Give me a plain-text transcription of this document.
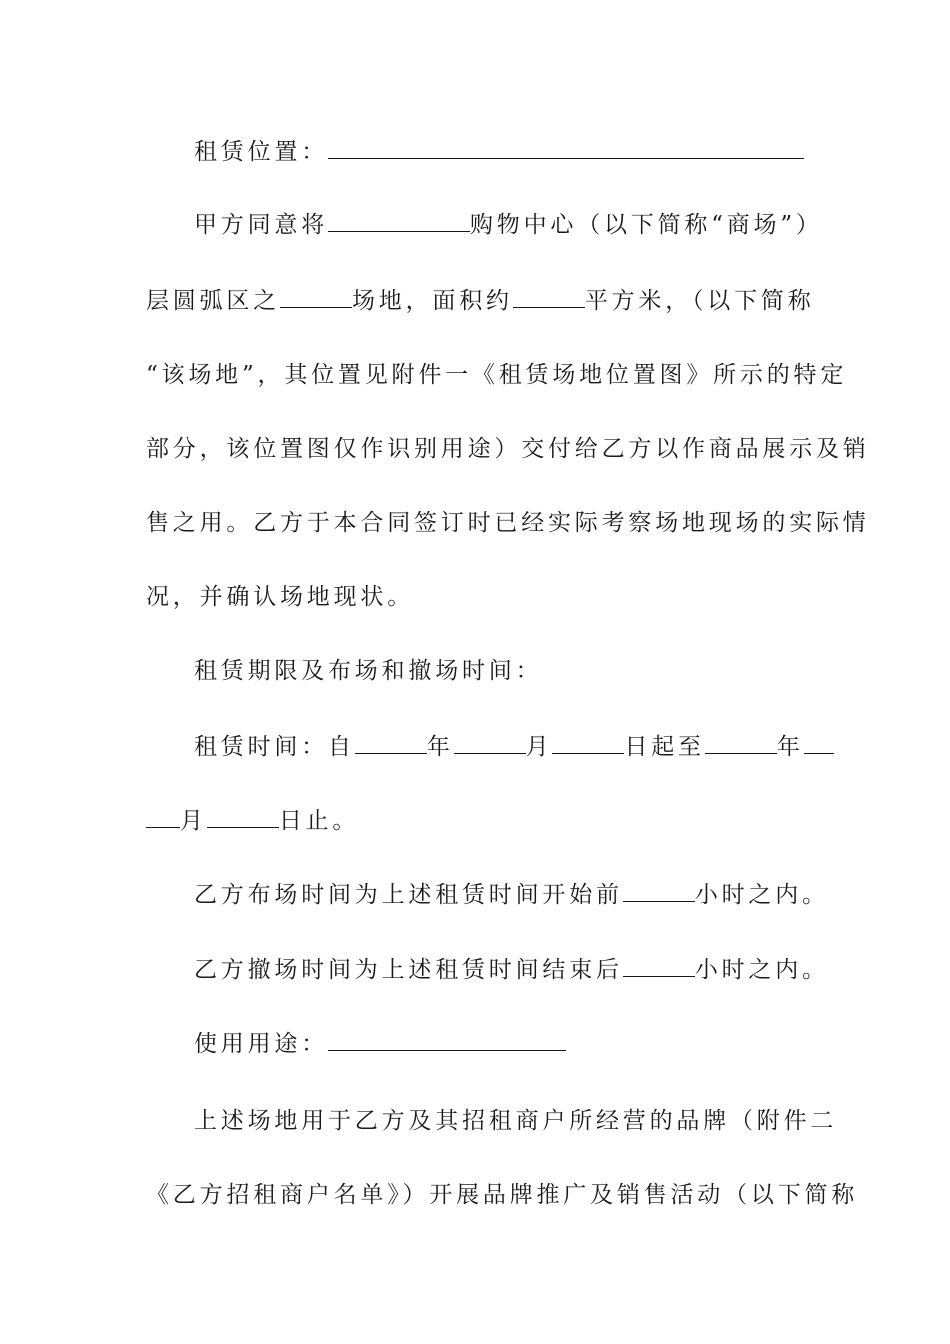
租赁位置：
甲方同意将	购物中心（以下简称“商场”）
层圆弧区之	场地，面积约	平方米，（以下简称
“该场地”，其位置见附件一《租赁场地位置图》所示的特定
部分，该位置图仅作识别用途）交付给乙方以作商品展示及销
售之用。乙方于本合同签订时已经实际考察场地现场的实际情
况，并确认场地现状。
租赁期限及布场和撤场时间：
租赁时间：自	年	月	日起至	年
月	日止。
乙方布场时间为上述租赁时间开始前	小时之内。
乙方撤场时间为上述租赁时间结束后	小时之内。
使用用途：
上述场地用于乙方及其招租商户所经营的品牌（附件二
《乙方招租商户名单》）开展品牌推广及销售活动（以下简称
